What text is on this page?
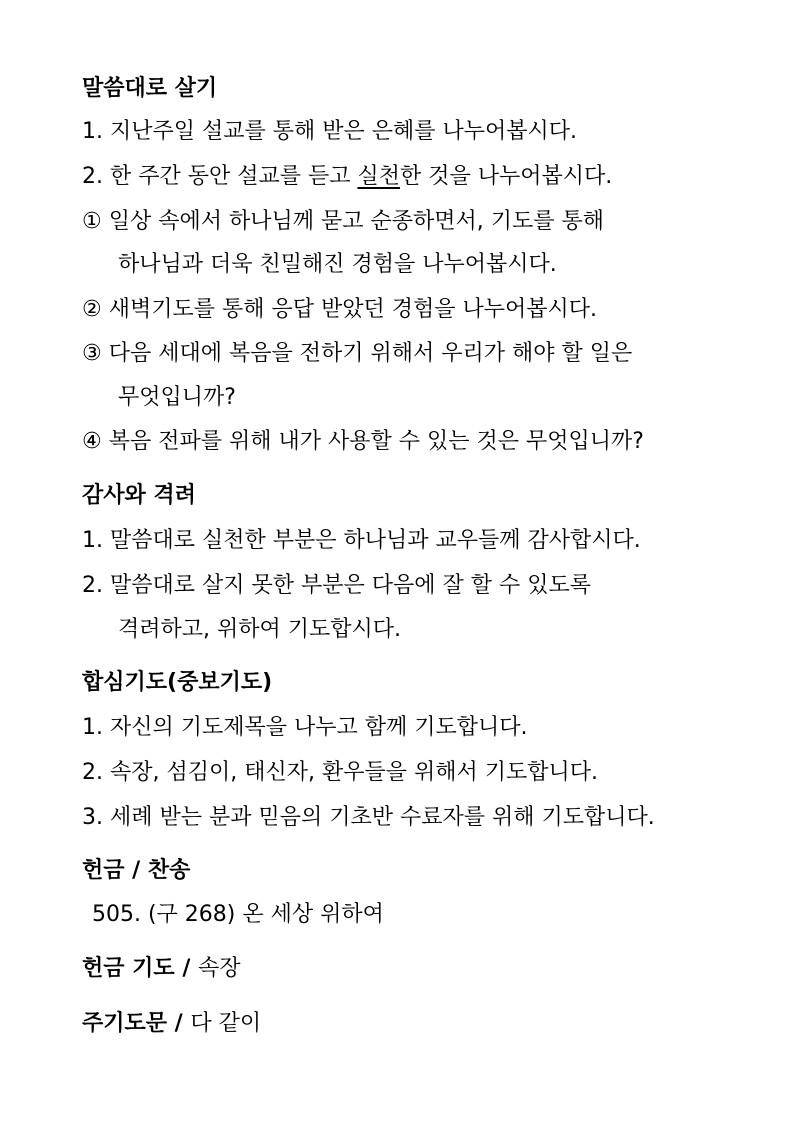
말씀대로 살기
1. 지난주일 설교를 통해 받은 은혜를 나누어봅시다.
2. 한 주간 동안 설교를 듣고 실천한 것을 나누어봅시다.
① 일상 속에서 하나님께 묻고 순종하면서, 기도를 통해
하나님과 더욱 친밀해진 경험을 나누어봅시다.
② 새벽기도를 통해 응답 받았던 경험을 나누어봅시다.
③ 다음 세대에 복음을 전하기 위해서 우리가 해야 할 일은
무엇입니까?
④ 복음 전파를 위해 내가 사용할 수 있는 것은 무엇입니까?
감사와 격려
1. 말씀대로 실천한 부분은 하나님과 교우들께 감사합시다.
2. 말씀대로 살지 못한 부분은 다음에 잘 할 수 있도록
격려하고, 위하여 기도합시다.
합심기도(중보기도)
1. 자신의 기도제목을 나누고 함께 기도합니다.
2. 속장, 섬김이, 태신자, 환우들을 위해서 기도합니다.
3. 세례 받는 분과 믿음의 기초반 수료자를 위해 기도합니다.
헌금 / 찬송
505. (구 268) 온 세상 위하여
헌금 기도 / 속장
주기도문 / 다 같이
